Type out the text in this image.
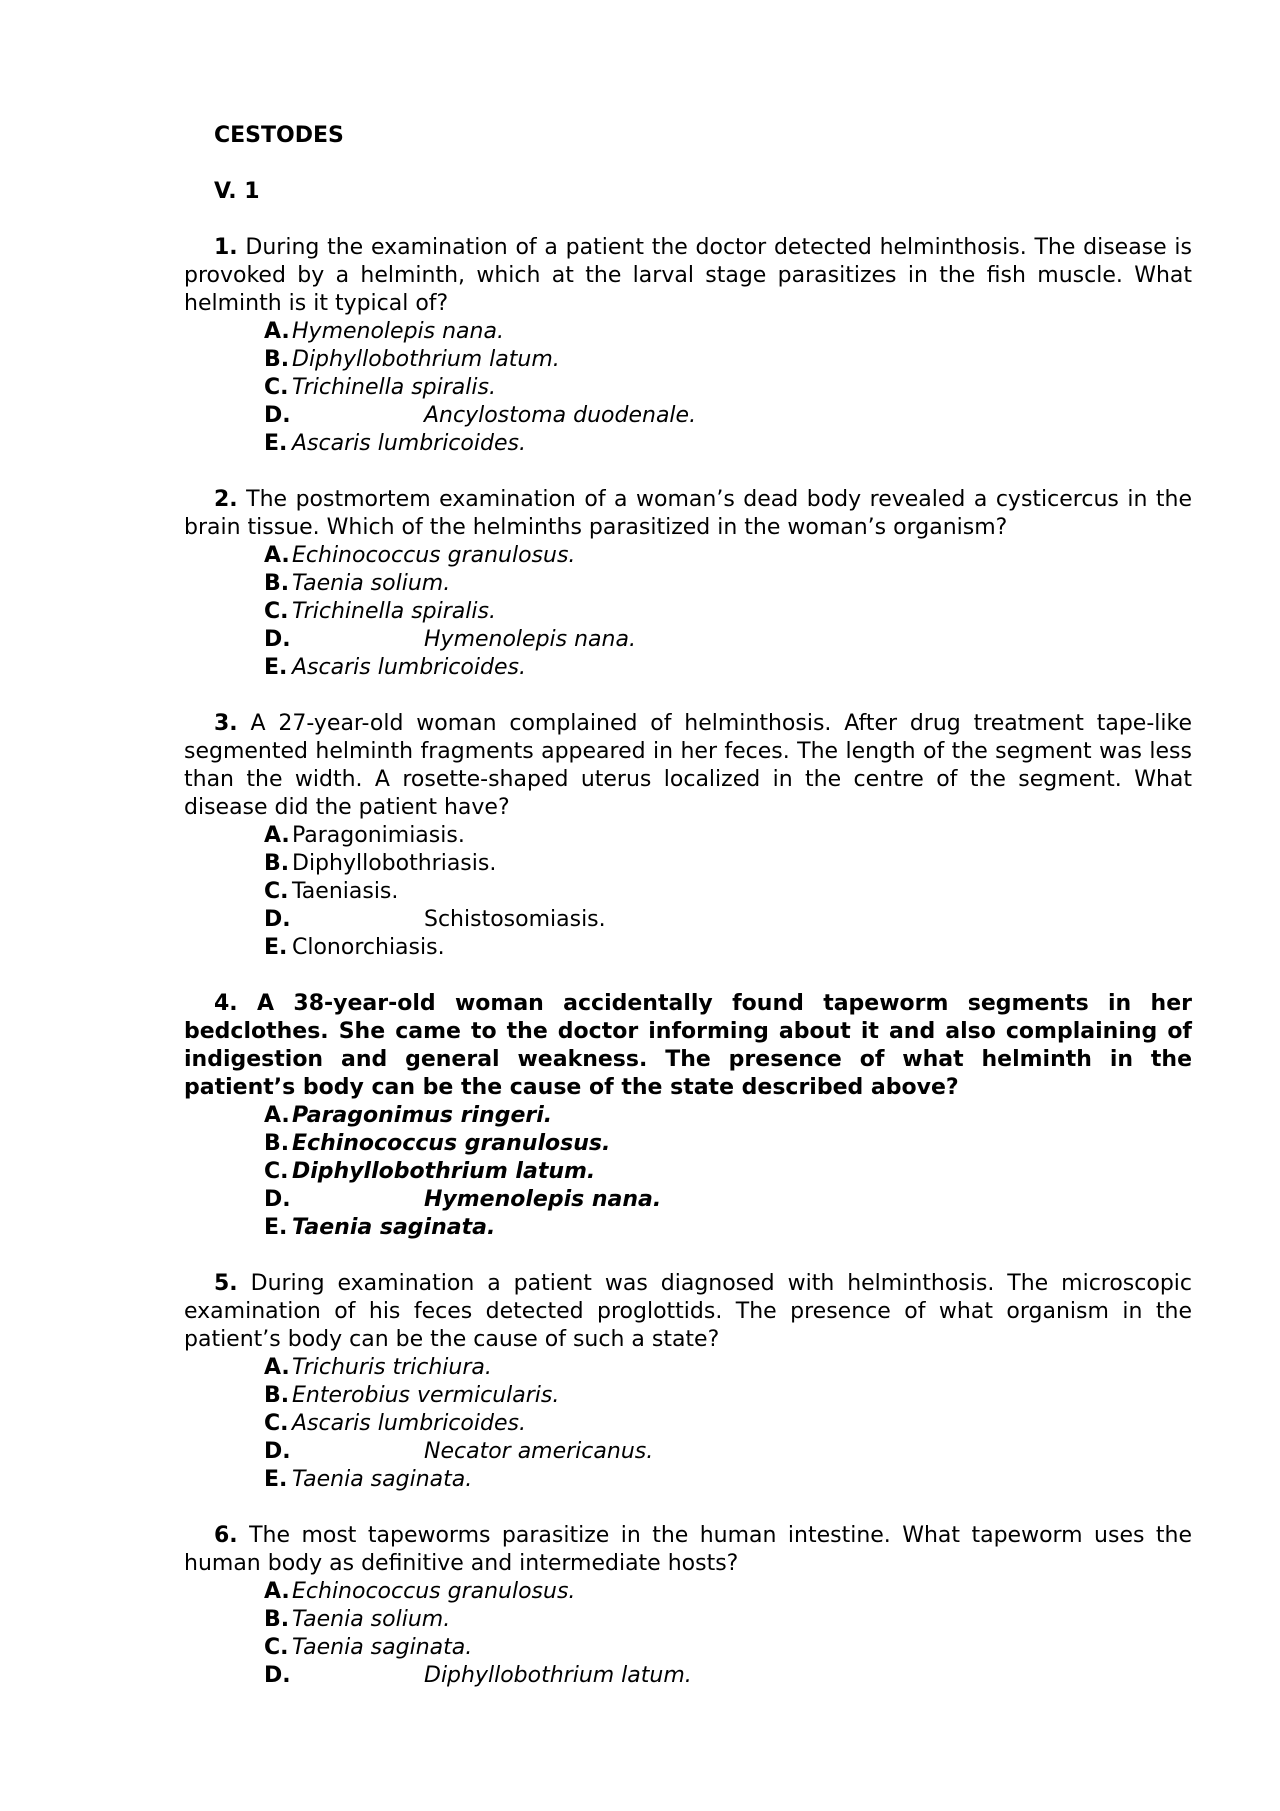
CESTODES
V. 1
1. During the examination of a patient the doctor detected helminthosis. The disease is provoked by a helminth, which at the larval stage parasitizes in the fish muscle. What helminth is it typical of?
A. Hymenolepis nana.
B. Diphyllobothrium latum.
C. Trichinella spiralis.
D.	Ancylostoma duodenale.
E. Ascaris lumbricoides.
2. The postmortem examination of a woman’s dead body revealed a cysticercus in the brain tissue. Which of the helminths parasitized in the woman’s organism?
A. Echinococcus granulosus.
B. Taenia solium.
C. Trichinella spiralis.
D.	Hymenolepis nana.
E. Ascaris lumbricoides.
3. A 27-year-old woman complained of helminthosis. After drug treatment tape-like segmented helminth fragments appeared in her feces. The length of the segment was less than the width. A rosette-shaped uterus localized in the centre of the segment. What disease did the patient have?
A. Paragonimiasis.
B. Diphyllobothriasis.
C. Taeniasis.
D.	Schistosomiasis.
E. Clonorchiasis.
4. A 38-year-old woman accidentally found tapeworm segments in her bedclothes. She came to the doctor informing about it and also complaining of indigestion and general weakness. The presence of what helminth in the patient’s body can be the cause of the state described above?
A. Paragonimus ringeri.
B. Echinococcus granulosus.
C. Diphyllobothrium latum.
D.	Hymenolepis nana.
E. Taenia saginata.
5. During examination a patient was diagnosed with helminthosis. The microscopic examination of his feces detected proglottids. The presence of what organism in the patient’s body can be the cause of such a state?
A. Trichuris trichiura.
B. Enterobius vermicularis.
C. Ascaris lumbricoides.
D.	Necator americanus.
E. Taenia saginata.
6. The most tapeworms parasitize in the human intestine. What tapeworm uses the human body as definitive and intermediate hosts?
A. Echinococcus granulosus.
B. Taenia solium.
C. Taenia saginata.
D.	Diphyllobothrium latum.
